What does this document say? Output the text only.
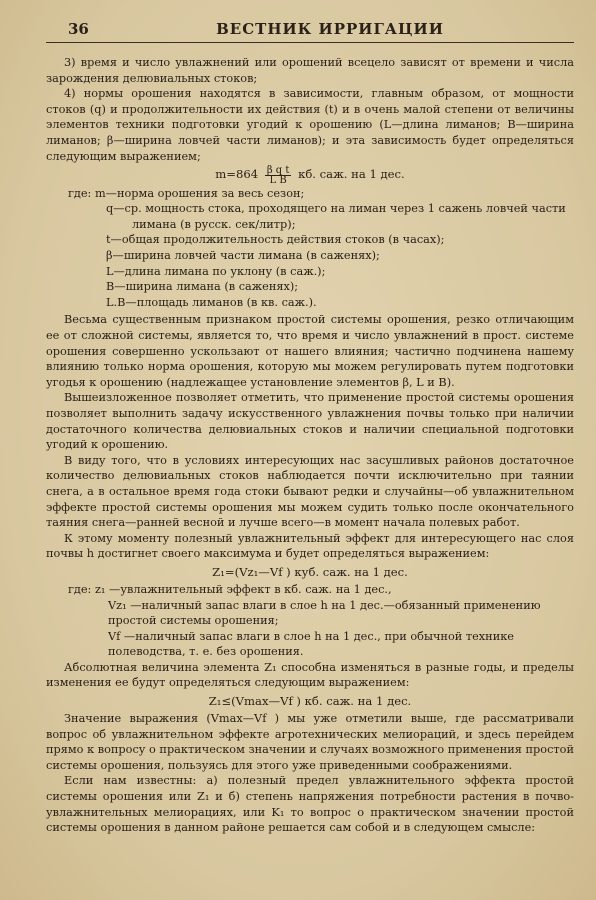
36	ВЕСТНИК ИРРИГАЦИИ

3) время и число увлажнений или орошений всецело зависят от времени и числа зарождения делювиальных стоков;

4) нормы орошения находятся в зависимости, главным образом, от мощности стоков (q) и продолжительности их действия (t) и в очень малой степени от величины элементов техники подготовки угодий к орошению (L—длина лиманов; B—ширина лиманов; β—ширина ловчей части лиманов); и эта зависимость будет определяться следующим выражением;

$m=864 \frac{\text{β q t}}{\text{L B}}$ кб. саж. на 1 дес.

где: m—норма орошения за весь сезон;

q—ср. мощность стока, проходящего на лиман через 1 сажень ловчей части

лимана (в русск. сек/литр);

t—общая продолжительность действия стоков (в часах);

β—ширина ловчей части лимана (в саженях);

L—длина лимана по уклону (в саж.);

B—ширина лимана (в саженях);

L.B—площадь лиманов (в кв. саж.).

Весьма существенным признаком простой системы орошения, резко отличающим ее от сложной системы, является то, что время и число увлажнений в прост. системе орошения совершенно ускользают от нашего влияния; частично подчинена нашему влиянию только норма орошения, которую мы можем регулировать путем подготовки угодья к орошению (надлежащее установление элементов β, L и B).

Вышеизложенное позволяет отметить, что применение простой системы орошения позволяет выполнить задачу искусственного увлажнения почвы только при наличии достаточного количества делювиальных стоков и наличии специальной подготовки угодий к орошению.

В виду того, что в условиях интересующих нас засушливых районов достаточное количество делювиальных стоков наблюдается почти исключительно при таянии снега, а в остальное время года стоки бывают редки и случайны—об увлажнительном эффекте простой системы орошения мы можем судить только после окончательного таяния снега—ранней весной и лучше всего—в момент начала полевых работ.

К этому моменту полезный увлажнительный эффект для интересующего нас слоя почвы h достигнет своего максимума и будет определяться выражением:

Z₁=(Vz₁—Vf ) куб. саж. на 1 дес.

где: z₁ —увлажнительный эффект в кб. саж. на 1 дес.,

Vz₁ —наличный запас влаги в слое h на 1 дес.—обязанный применению простой системы орошения;

Vf —наличный запас влаги в слое h на 1 дес., при обычной технике полеводства, т. е. без орошения.

Абсолютная величина элемента Z₁ способна изменяться в разные годы, и пределы изменения ее будут определяться следующим выражением:

Z₁≤(Vmax—Vf ) кб. саж. на 1 дес.

Значение выражения (Vmax—Vf ) мы уже отметили выше, где рассматривали вопрос об увлажнительном эффекте агротехнических мелиораций, и здесь перейдем прямо к вопросу о практическом значении и случаях возможного применения простой системы орошения, пользуясь для этого уже приведенными соображениями.

Если нам известны: а) полезный предел увлажнительного эффекта простой системы орошения или Z₁ и б) степень напряжения потребности растения в почво-увлажнительных мелиорациях, или K₁ то вопрос о практическом значении простой системы орошения в данном районе решается сам собой и в следующем смысле:
